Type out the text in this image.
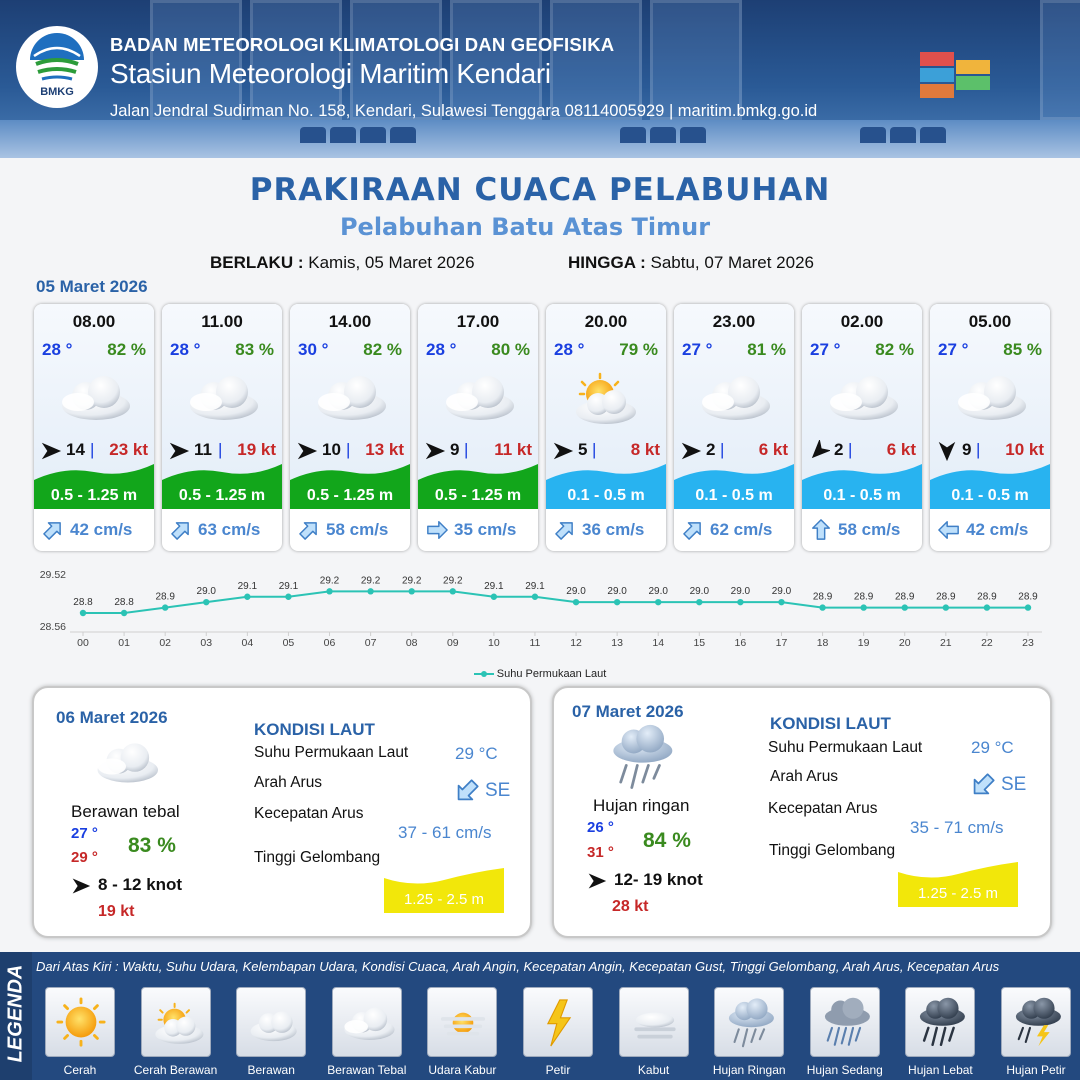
BMKG
BADAN METEOROLOGI KLIMATOLOGI DAN GEOFISIKA
Stasiun Meteorologi Maritim Kendari
Jalan Jendral Sudirman No. 158, Kendari, Sulawesi Tenggara 08114005929 | maritim.bmkg.go.id
PRAKIRAAN CUACA PELABUHAN
Pelabuhan Batu Atas Timur
BERLAKU : Kamis, 05 Maret 2026	HINGGA : Sabtu, 07 Maret 2026
05 Maret 2026
08.00
28 ° 82 %
14 | 23 kt
0.5 - 1.25 m
42 cm/s
11.00
28 ° 83 %
11 | 19 kt
0.5 - 1.25 m
63 cm/s
14.00
30 ° 82 %
10 | 13 kt
0.5 - 1.25 m
58 cm/s
17.00
28 ° 80 %
9 | 11 kt
0.5 - 1.25 m
35 cm/s
20.00
28 ° 79 %
5 | 8 kt
0.1 - 0.5 m
36 cm/s
23.00
27 ° 81 %
2 | 6 kt
0.1 - 0.5 m
62 cm/s
02.00
27 ° 82 %
2 | 6 kt
0.1 - 0.5 m
58 cm/s
05.00
27 ° 85 %
9 | 10 kt
0.1 - 0.5 m
42 cm/s
29.52
28.56
28.8
00
28.8
01
28.9
02
29.0
03
29.1
04
29.1
05
29.2
06
29.2
07
29.2
08
29.2
09
29.1
10
29.1
11
29.0
12
29.0
13
29.0
14
29.0
15
29.0
16
29.0
17
28.9
18
28.9
19
28.9
20
28.9
21
28.9
22
28.9
23
Suhu Permukaan Laut
06 Maret 2026
Berawan tebal
27 °
29 °
83 %
8 - 12 knot
19 kt
KONDISI LAUT
Suhu Permukaan Laut	29 °C
Arah Arus	SE
Kecepatan Arus
37 - 61 cm/s
Tinggi Gelombang
1.25 - 2.5 m
07 Maret 2026
Hujan ringan
26 °
31 °
84 %
12- 19 knot
28 kt
KONDISI LAUT
Suhu Permukaan Laut	29 °C
Arah Arus	SE
Kecepatan Arus
35 - 71 cm/s
Tinggi Gelombang
1.25 - 2.5 m
LEGENDA Dari Atas Kiri : Waktu, Suhu Udara, Kelembapan Udara, Kondisi Cuaca, Arah Angin, Kecepatan Angin, Kecepatan Gust, Tinggi Gelombang, Arah Arus, Kecepatan Arus
Cerah	Cerah Berawan	Berawan	Berawan Tebal	Udara Kabur	Petir	Kabut	Hujan Ringan	Hujan Sedang	Hujan Lebat	Hujan Petir
